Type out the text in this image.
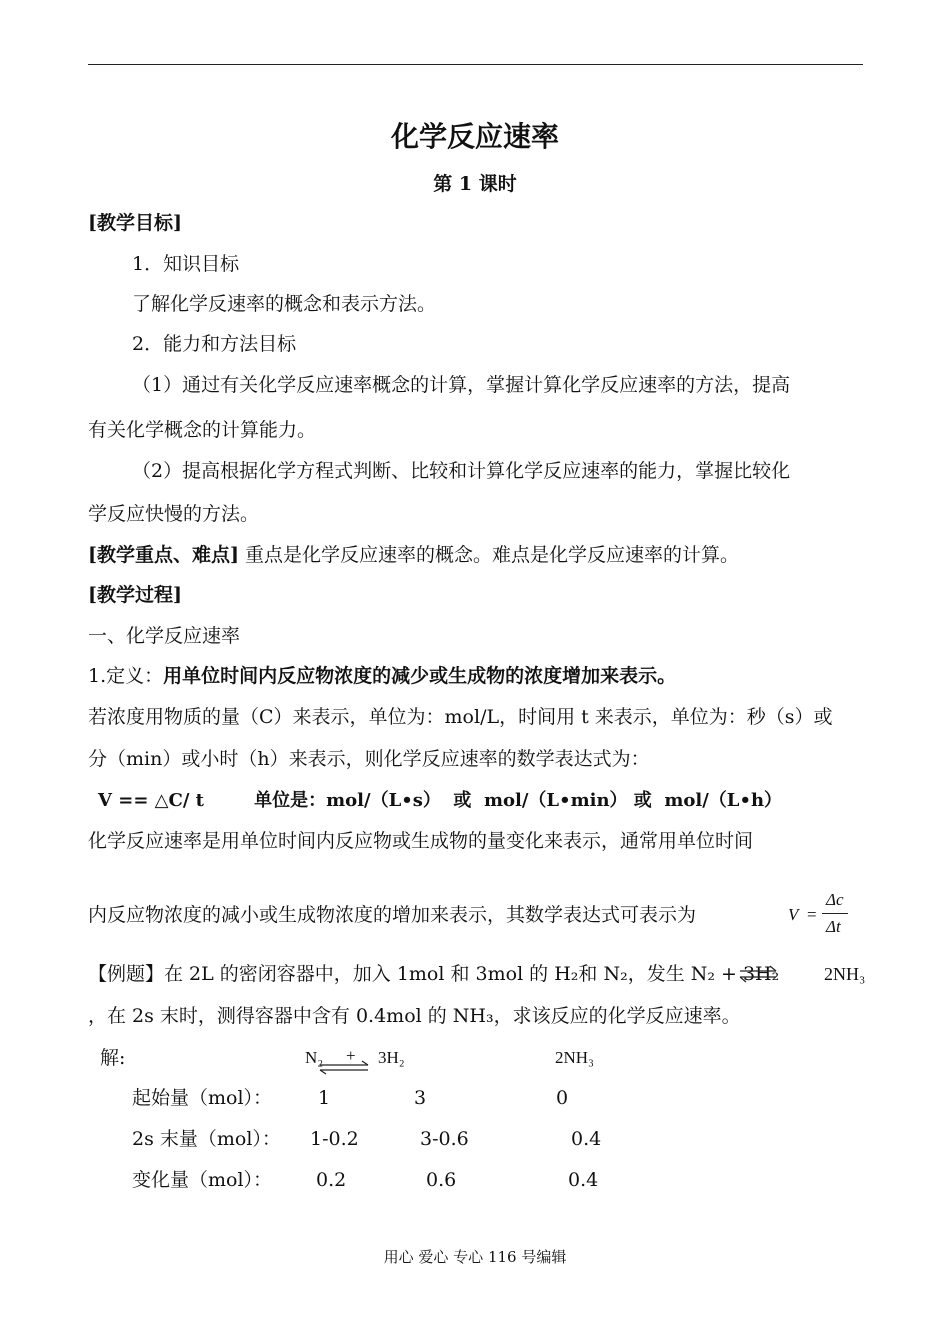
化学反应速率
第 1 课时
[教学目标]
1．知识目标
了解化学反速率的概念和表示方法。
2．能力和方法目标
（1）通过有关化学反应速率概念的计算，掌握计算化学反应速率的方法，提高
有关化学概念的计算能力。
（2）提高根据化学方程式判断、比较和计算化学反应速率的能力，掌握比较化
学反应快慢的方法。
[教学重点、难点] 重点是化学反应速率的概念。难点是化学反应速率的计算。
[教学过程]
一、化学反应速率
1.定义：用单位时间内反应物浓度的减少或生成物的浓度增加来表示。
若浓度用物质的量（C）来表示，单位为：mol/L，时间用 t 来表示，单位为：秒（s）或
分（min）或小时（h）来表示，则化学反应速率的数学表达式为：
V == △C/ t        单位是：mol/（L•s）  或  mol/（L•min） 或  mol/（L•h）
化学反应速率是用单位时间内反应物或生成物的量变化来表示，通常用单位时间
内反应物浓度的减小或生成物浓度的增加来表示，其数学表达式可表示为	V =
Δc
Δt
【例题】在 2L 的密闭容器中，加入 1mol 和 3mol 的 H₂和 N₂，发生 N₂ + 3H₂ 2NH₃
，在 2s 末时，测得容器中含有 0.4mol 的 NH₃，求该反应的化学反应速率。
解:	N₂ + 3H₂	2NH₃
起始量（mol）： 1	3	0
2s 末量（mol）： 1-0.2	3-0.6	0.4
变化量（mol）： 0.2	0.6	0.4
用心 爱心 专心 116 号编辑
